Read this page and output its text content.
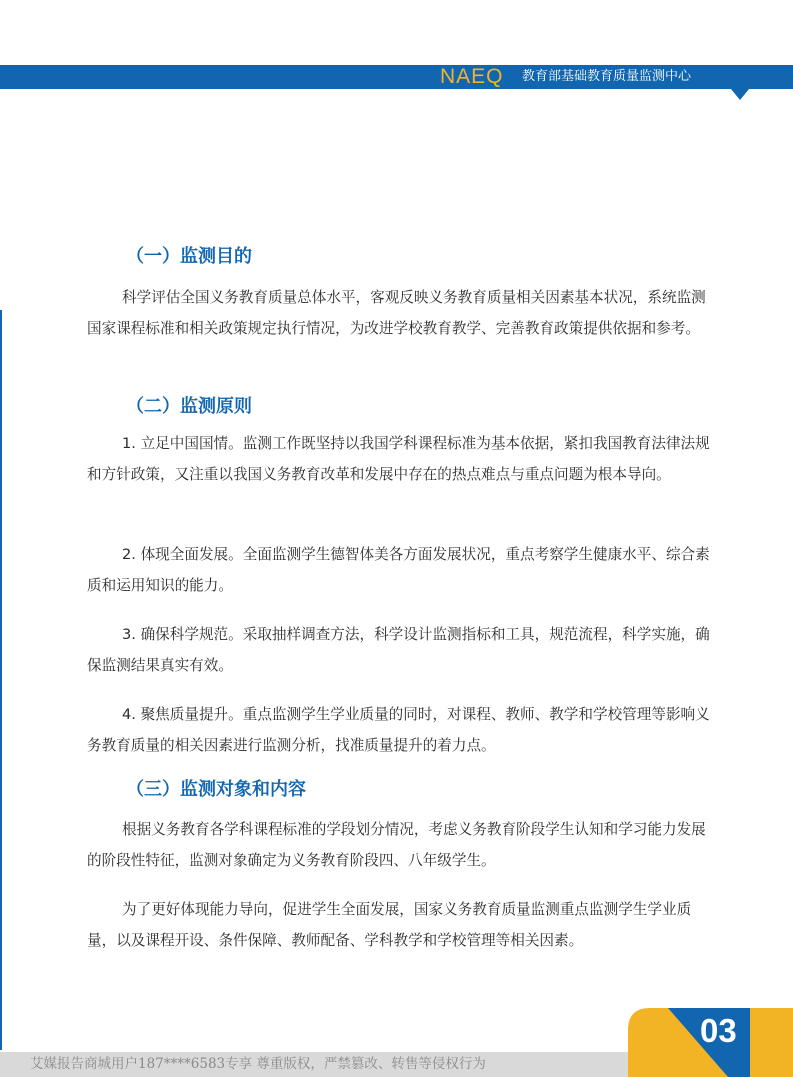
NAEQ 教育部基础教育质量监测中心
（一）监测目的

科学评估全国义务教育质量总体水平，客观反映义务教育质量相关因素基本状况，系统监测国家课程标准和相关政策规定执行情况，为改进学校教育教学、完善教育政策提供依据和参考。

（二）监测原则

1. 立足中国国情。监测工作既坚持以我国学科课程标准为基本依据，紧扣我国教育法律法规和方针政策，又注重以我国义务教育改革和发展中存在的热点难点与重点问题为根本导向。

2. 体现全面发展。全面监测学生德智体美各方面发展状况，重点考察学生健康水平、综合素质和运用知识的能力。

3. 确保科学规范。采取抽样调查方法，科学设计监测指标和工具，规范流程，科学实施，确保监测结果真实有效。

4. 聚焦质量提升。重点监测学生学业质量的同时，对课程、教师、教学和学校管理等影响义务教育质量的相关因素进行监测分析，找准质量提升的着力点。

（三）监测对象和内容

根据义务教育各学科课程标准的学段划分情况，考虑义务教育阶段学生认知和学习能力发展的阶段性特征，监测对象确定为义务教育阶段四、八年级学生。

为了更好体现能力导向，促进学生全面发展，国家义务教育质量监测重点监测学生学业质量，以及课程开设、条件保障、教师配备、学科教学和学校管理等相关因素。

艾媒报告商城用户187****6583专享 尊重版权，严禁篡改、转售等侵权行为
03
